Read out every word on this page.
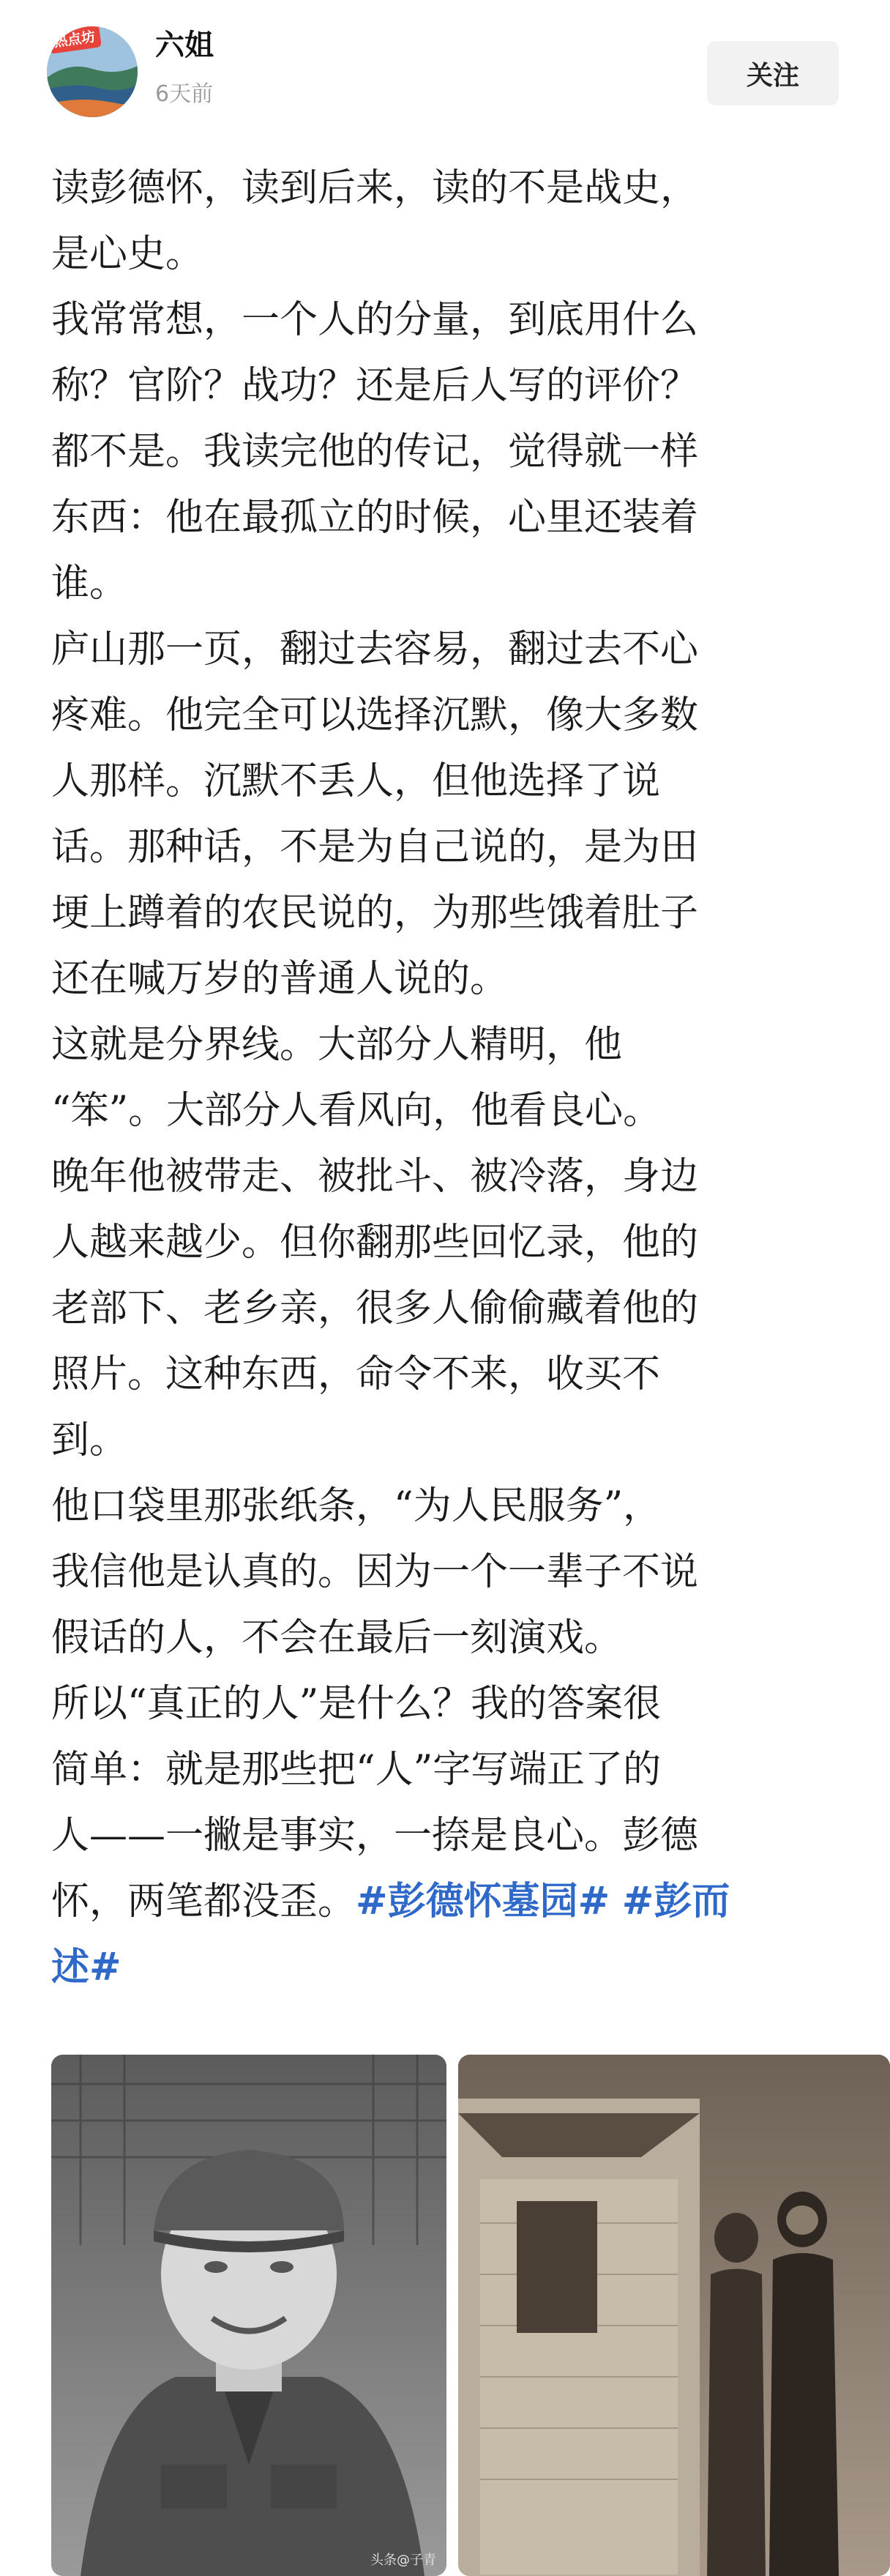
热点坊 六姐
6天前
关注

读彭德怀，读到后来，读的不是战史，

是心史。

我常常想，一个人的分量，到底用什么

称？官阶？战功？还是后人写的评价？

都不是。我读完他的传记，觉得就一样

东西：他在最孤立的时候，心里还装着

谁。

庐山那一页，翻过去容易，翻过去不心

疼难。他完全可以选择沉默，像大多数

人那样。沉默不丢人，但他选择了说

话。那种话，不是为自己说的，是为田

埂上蹲着的农民说的，为那些饿着肚子

还在喊万岁的普通人说的。

这就是分界线。大部分人精明，他

“笨”。大部分人看风向，他看良心。

晚年他被带走、被批斗、被冷落，身边

人越来越少。但你翻那些回忆录，他的

老部下、老乡亲，很多人偷偷藏着他的

照片。这种东西，命令不来，收买不

到。

他口袋里那张纸条，“为人民服务”，

我信他是认真的。因为一个一辈子不说

假话的人，不会在最后一刻演戏。

所以“真正的人”是什么？我的答案很

简单：就是那些把“人”字写端正了的

人——一撇是事实，一捺是良心。彭德

怀，两笔都没歪。#彭德怀墓园# #彭而

述#

头条@子青
